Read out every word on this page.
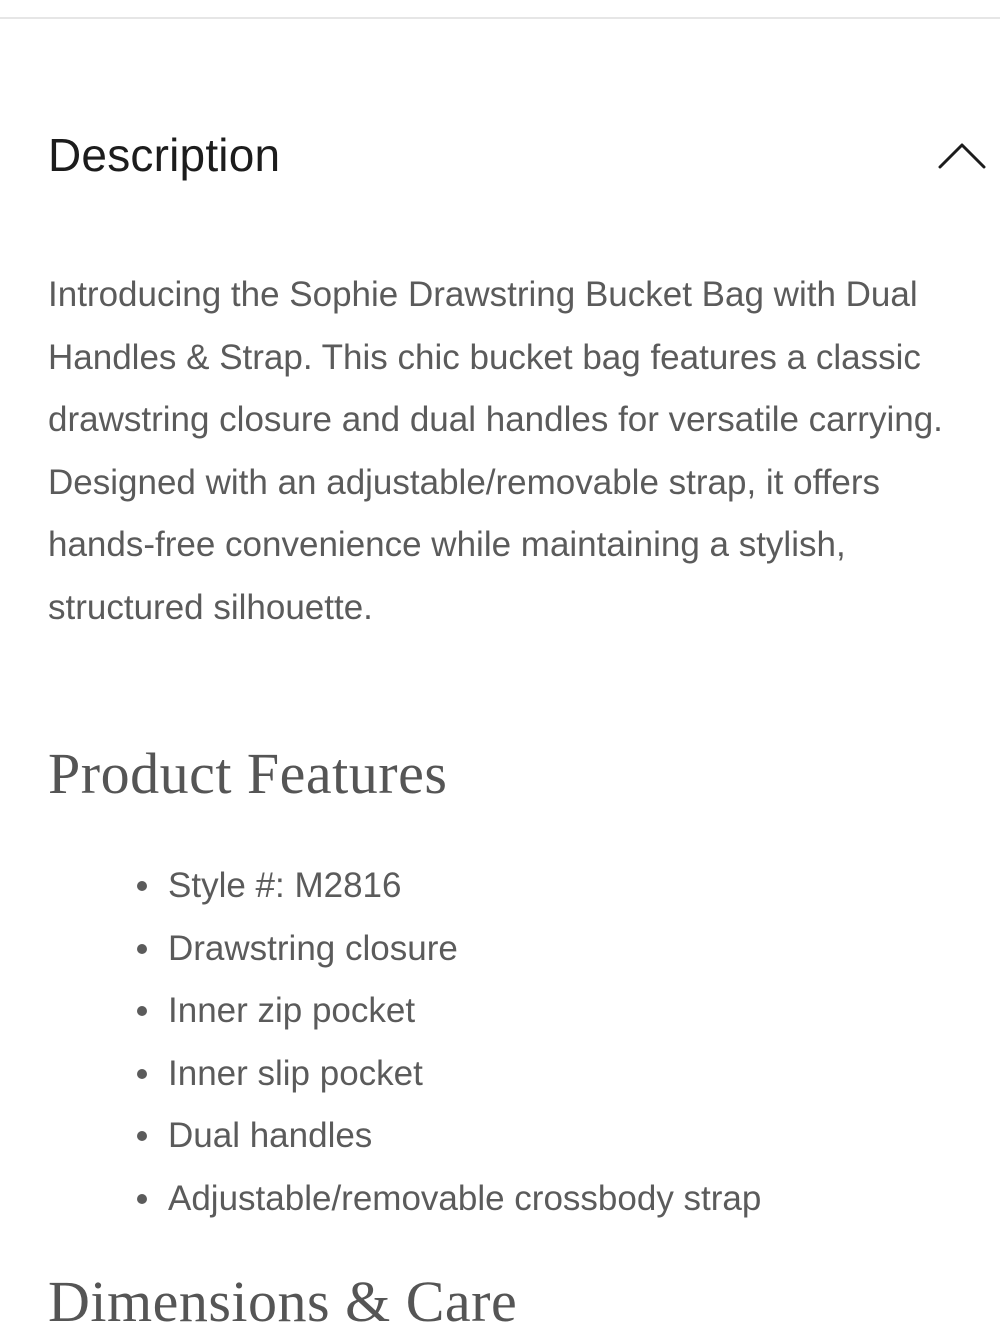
Description

Introducing the Sophie Drawstring Bucket Bag with Dual Handles & Strap. This chic bucket bag features a classic drawstring closure and dual handles for versatile carrying. Designed with an adjustable/removable strap, it offers hands-free convenience while maintaining a stylish, structured silhouette.

Product Features
Style #: M2816
Drawstring closure
Inner zip pocket
Inner slip pocket
Dual handles
Adjustable/removable crossbody strap
Dimensions & Care
